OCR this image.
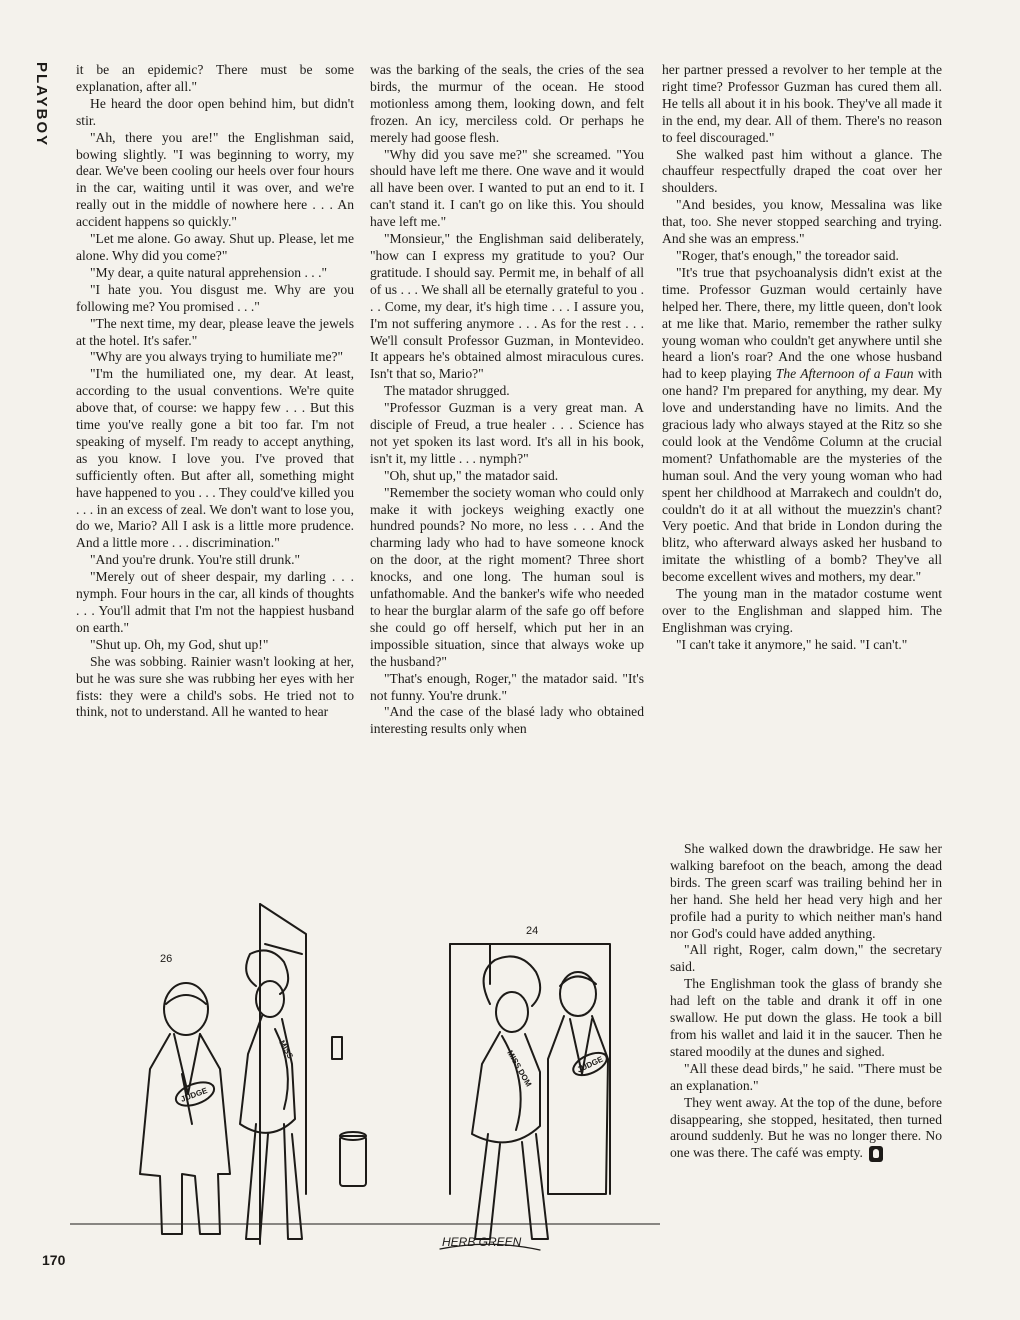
PLAYBOY it be an epidemic? There must be some explanation, after all."

He heard the door open behind him, but didn't stir.

"Ah, there you are!" the Englishman said, bowing slightly. "I was beginning to worry, my dear. We've been cooling our heels over four hours in the car, waiting until it was over, and we're really out in the middle of nowhere here . . . An accident happens so quickly."

"Let me alone. Go away. Shut up. Please, let me alone. Why did you come?"

"My dear, a quite natural apprehension . . ."

"I hate you. You disgust me. Why are you following me? You promised . . ."

"The next time, my dear, please leave the jewels at the hotel. It's safer."

"Why are you always trying to humiliate me?"

"I'm the humiliated one, my dear. At least, according to the usual conventions. We're quite above that, of course: we happy few . . . But this time you've really gone a bit too far. I'm not speaking of myself. I'm ready to accept anything, as you know. I love you. I've proved that sufficiently often. But after all, something might have happened to you . . . They could've killed you . . . in an excess of zeal. We don't want to lose you, do we, Mario? All I ask is a little more prudence. And a little more . . . discrimination."

"And you're drunk. You're still drunk."

"Merely out of sheer despair, my darling . . . nymph. Four hours in the car, all kinds of thoughts . . . You'll admit that I'm not the happiest husband on earth."

"Shut up. Oh, my God, shut up!"

She was sobbing. Rainier wasn't looking at her, but he was sure she was rubbing her eyes with her fists: they were a child's sobs. He tried not to think, not to understand. All he wanted to hear

was the barking of the seals, the cries of the sea birds, the murmur of the ocean. He stood motionless among them, looking down, and felt frozen. An icy, merciless cold. Or perhaps he merely had goose flesh.

"Why did you save me?" she screamed. "You should have left me there. One wave and it would all have been over. I wanted to put an end to it. I can't stand it. I can't go on like this. You should have left me."

"Monsieur," the Englishman said deliberately, "how can I express my gratitude to you? Our gratitude. I should say. Permit me, in behalf of all of us . . . We shall all be eternally grateful to you . . . Come, my dear, it's high time . . . I assure you, I'm not suffering anymore . . . As for the rest . . . We'll consult Professor Guzman, in Montevideo. It appears he's obtained almost miraculous cures. Isn't that so, Mario?"

The matador shrugged.

"Professor Guzman is a very great man. A disciple of Freud, a true healer . . . Science has not yet spoken its last word. It's all in his book, isn't it, my little . . . nymph?"

"Oh, shut up," the matador said.

"Remember the society woman who could only make it with jockeys weighing exactly one hundred pounds? No more, no less . . . And the charming lady who had to have someone knock on the door, at the right moment? Three short knocks, and one long. The human soul is unfathomable. And the banker's wife who needed to hear the burglar alarm of the safe go off before she could go off herself, which put her in an impossible situation, since that always woke up the husband?"

"That's enough, Roger," the matador said. "It's not funny. You're drunk."

"And the case of the blasé lady who obtained interesting results only when

her partner pressed a revolver to her temple at the right time? Professor Guzman has cured them all. He tells all about it in his book. They've all made it in the end, my dear. All of them. There's no reason to feel discouraged."

She walked past him without a glance. The chauffeur respectfully draped the coat over her shoulders.

"And besides, you know, Messalina was like that, too. She never stopped searching and trying. And she was an empress."

"Roger, that's enough," the toreador said.

"It's true that psychoanalysis didn't exist at the time. Professor Guzman would certainly have helped her. There, there, my little queen, don't look at me like that. Mario, remember the rather sulky young woman who couldn't get anywhere until she heard a lion's roar? And the one whose husband had to keep playing The Afternoon of a Faun with one hand? I'm prepared for anything, my dear. My love and understanding have no limits. And the gracious lady who always stayed at the Ritz so she could look at the Vendôme Column at the crucial moment? Unfathomable are the mysteries of the human soul. And the very young woman who had spent her childhood at Marrakech and couldn't do, couldn't do it at all without the muezzin's chant? Very poetic. And that bride in London during the blitz, who afterward always asked her husband to imitate the whistling of a bomb? They've all become excellent wives and mothers, my dear."

The young man in the matador costume went over to the Englishman and slapped him. The Englishman was crying.

"I can't take it anymore," he said. "I can't."

She walked down the drawbridge. He saw her walking barefoot on the beach, among the dead birds. The green scarf was trailing behind her in her hand. She held her head very high and her profile had a purity to which neither man's hand nor God's could have added anything.

"All right, Roger, calm down," the secretary said.

The Englishman took the glass of brandy she had left on the table and drank it off in one swallow. He put down the glass. He took a bill from his wallet and laid it in the saucer. Then he stared moodily at the dunes and sighed.

"All these dead birds," he said. "There must be an explanation."

They went away. At the top of the dune, before disappearing, she stopped, hesitated, then turned around suddenly. But he was no longer there. No one was there. The café was empty.

26
24
JUDGE
JUDGE
MISS	MISS DOM
HERB GREEN
170
